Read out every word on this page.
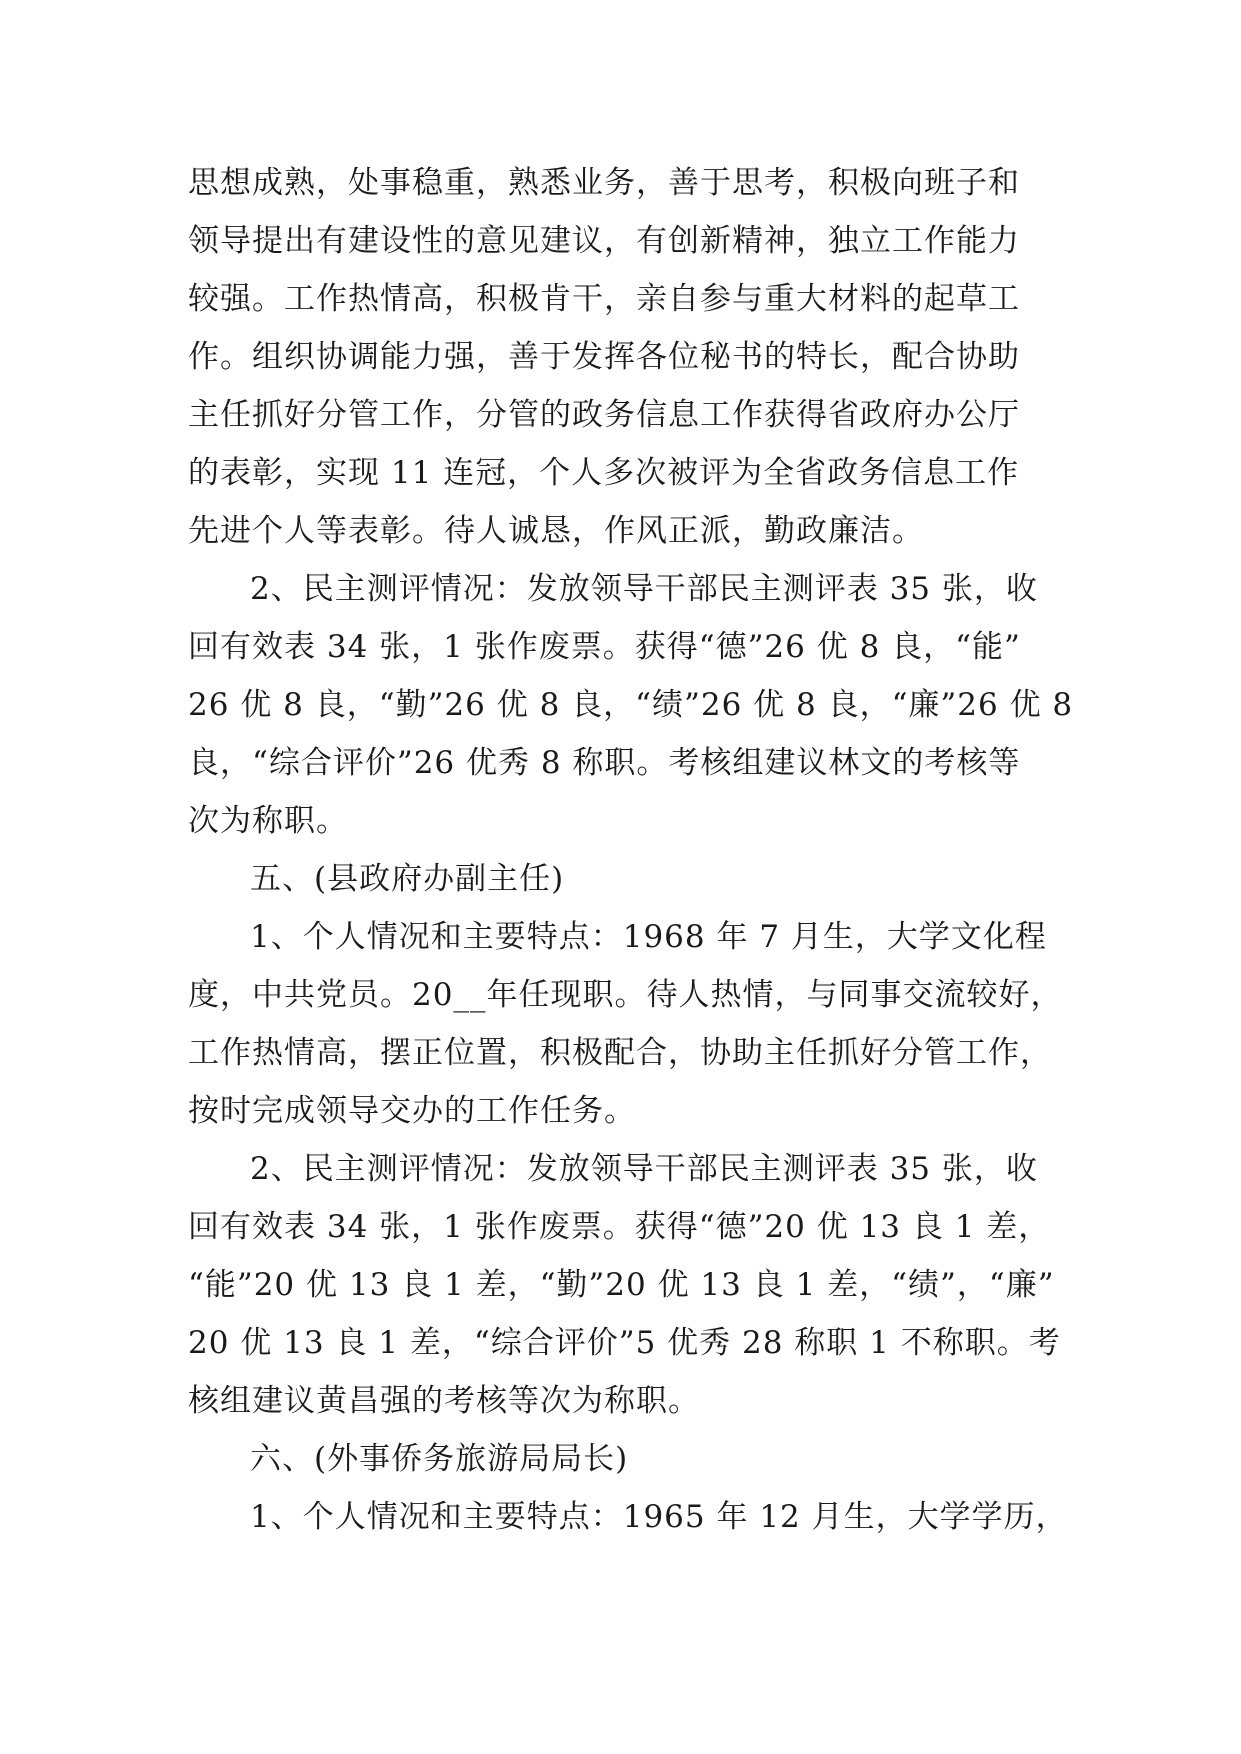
思想成熟，处事稳重，熟悉业务，善于思考，积极向班子和
领导提出有建设性的意见建议，有创新精神，独立工作能力
较强。工作热情高，积极肯干，亲自参与重大材料的起草工
作。组织协调能力强，善于发挥各位秘书的特长，配合协助
主任抓好分管工作，分管的政务信息工作获得省政府办公厅
的表彰，实现 11 连冠，个人多次被评为全省政务信息工作
先进个人等表彰。待人诚恳，作风正派，勤政廉洁。
2、民主测评情况：发放领导干部民主测评表 35 张，收
回有效表 34 张，1 张作废票。获得“德”26 优 8 良，“能”
26 优 8 良，“勤”26 优 8 良，“绩”26 优 8 良，“廉”26 优 8
良，“综合评价”26 优秀 8 称职。考核组建议林文的考核等
次为称职。
五、(县政府办副主任)
1、个人情况和主要特点：1968 年 7 月生，大学文化程
度，中共党员。20__年任现职。待人热情，与同事交流较好，
工作热情高，摆正位置，积极配合，协助主任抓好分管工作，
按时完成领导交办的工作任务。
2、民主测评情况：发放领导干部民主测评表 35 张，收
回有效表 34 张，1 张作废票。获得“德”20 优 13 良 1 差，
“能”20 优 13 良 1 差，“勤”20 优 13 良 1 差，“绩”，“廉”
20 优 13 良 1 差，“综合评价”5 优秀 28 称职 1 不称职。考
核组建议黄昌强的考核等次为称职。
六、(外事侨务旅游局局长)
1、个人情况和主要特点：1965 年 12 月生，大学学历，
